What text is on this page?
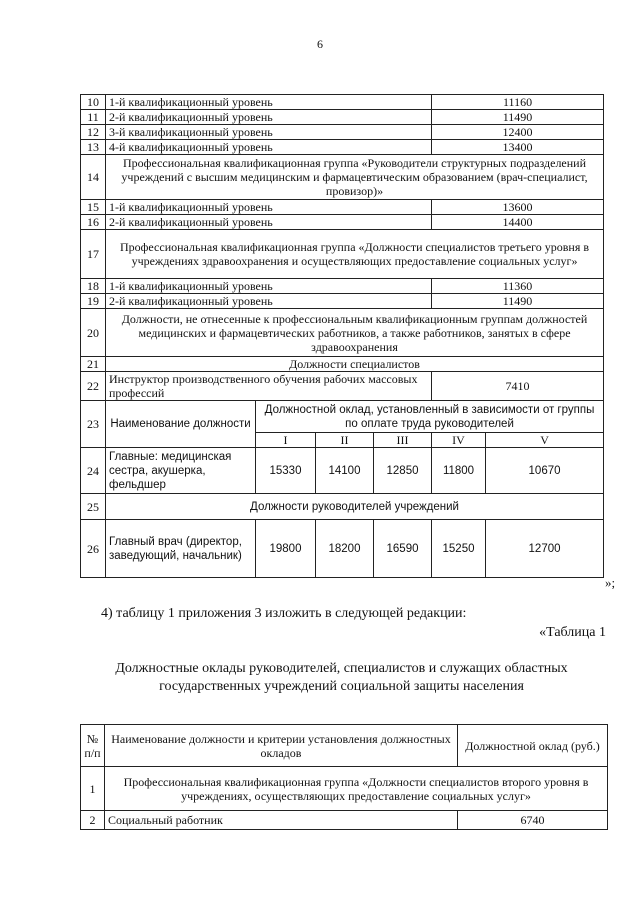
6
10	1-й квалификационный уровень				11160	
11	2-й квалификационный уровень				11490	
12	3-й квалификационный уровень				12400	
13	4-й квалификационный уровень				13400	
14	Профессиональная квалификационная группа «Руководители структурных подразделений учреждений с высшим медицинским и фармацевтическим образованием (врач-специалист, провизор)»					
15	1-й квалификационный уровень				13600	
16	2-й квалификационный уровень				14400	
17	Профессиональная квалификационная группа «Должности специалистов третьего уровня в учреждениях здравоохранения и осуществляющих предоставление социальных услуг»					
18	1-й квалификационный уровень				11360	
19	2-й квалификационный уровень				11490	
20	Должности, не отнесенные к профессиональным квалификационным группам должностей медицинских и фармацевтических работников, а также работников, занятых в сфере здравоохранения					
21	Должности специалистов					
22	Инструктор производственного обучения рабочих массовых профессий				7410	
23	Наименование должности	Должностной оклад, установленный в зависимости от группы по оплате труда руководителей				
		I	II	III	IV	V
24	Главные: медицинская сестра, акушерка, фельдшер	15330	14100	12850	11800	10670
25	Должности руководителей учреждений					
26	Главный врач (директор, заведующий, начальник)	19800	18200	16590	15250	12700
»;
4) таблицу 1 приложения 3 изложить в следующей редакции:
«Таблица 1
Должностные оклады руководителей, специалистов и служащих областных государственных учреждений социальной защиты населения
№ п/п	Наименование должности и критерии установления должностных окладов	Должностной оклад (руб.)
1	Профессиональная квалификационная группа «Должности специалистов второго уровня в учреждениях, осуществляющих предоставление социальных услуг»	
2	Социальный работник	6740
